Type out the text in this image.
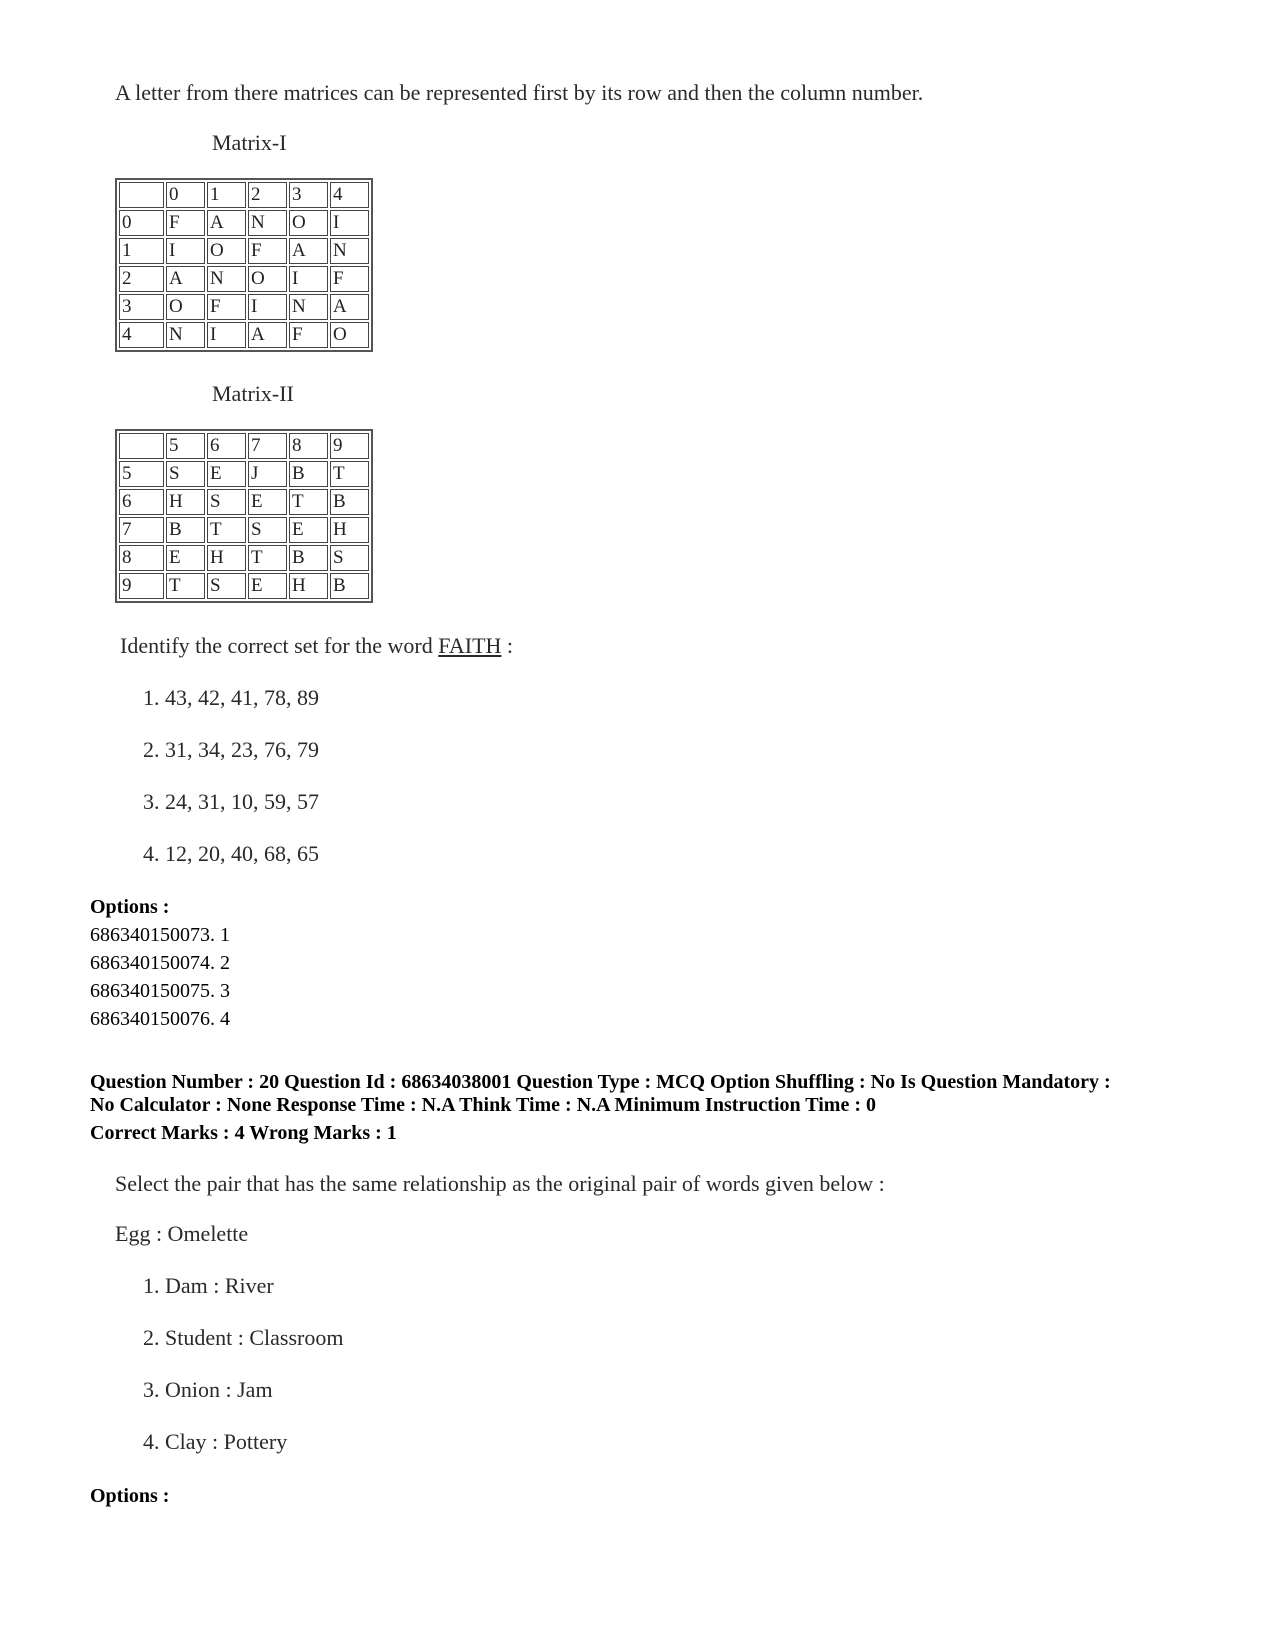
A letter from there matrices can be represented first by its row and then the column number.
Matrix-I
	0	1	2	3	4
0	F	A	N	O	I
1	I	O	F	A	N
2	A	N	O	I	F
3	O	F	I	N	A
4	N	I	A	F	O
Matrix-II
	5	6	7	8	9
5	S	E	J	B	T
6	H	S	E	T	B
7	B	T	S	E	H
8	E	H	T	B	S
9	T	S	E	H	B
Identify the correct set for the word FAITH :
1. 43, 42, 41, 78, 89
2. 31, 34, 23, 76, 79
3. 24, 31, 10, 59, 57
4. 12, 20, 40, 68, 65
Options :
686340150073. 1
686340150074. 2
686340150075. 3
686340150076. 4
Question Number : 20 Question Id : 68634038001 Question Type : MCQ Option Shuffling : No Is Question Mandatory :
No Calculator : None Response Time : N.A Think Time : N.A Minimum Instruction Time : 0
Correct Marks : 4 Wrong Marks : 1
Select the pair that has the same relationship as the original pair of words given below :
Egg : Omelette
1. Dam : River
2. Student : Classroom
3. Onion : Jam
4. Clay : Pottery
Options :
